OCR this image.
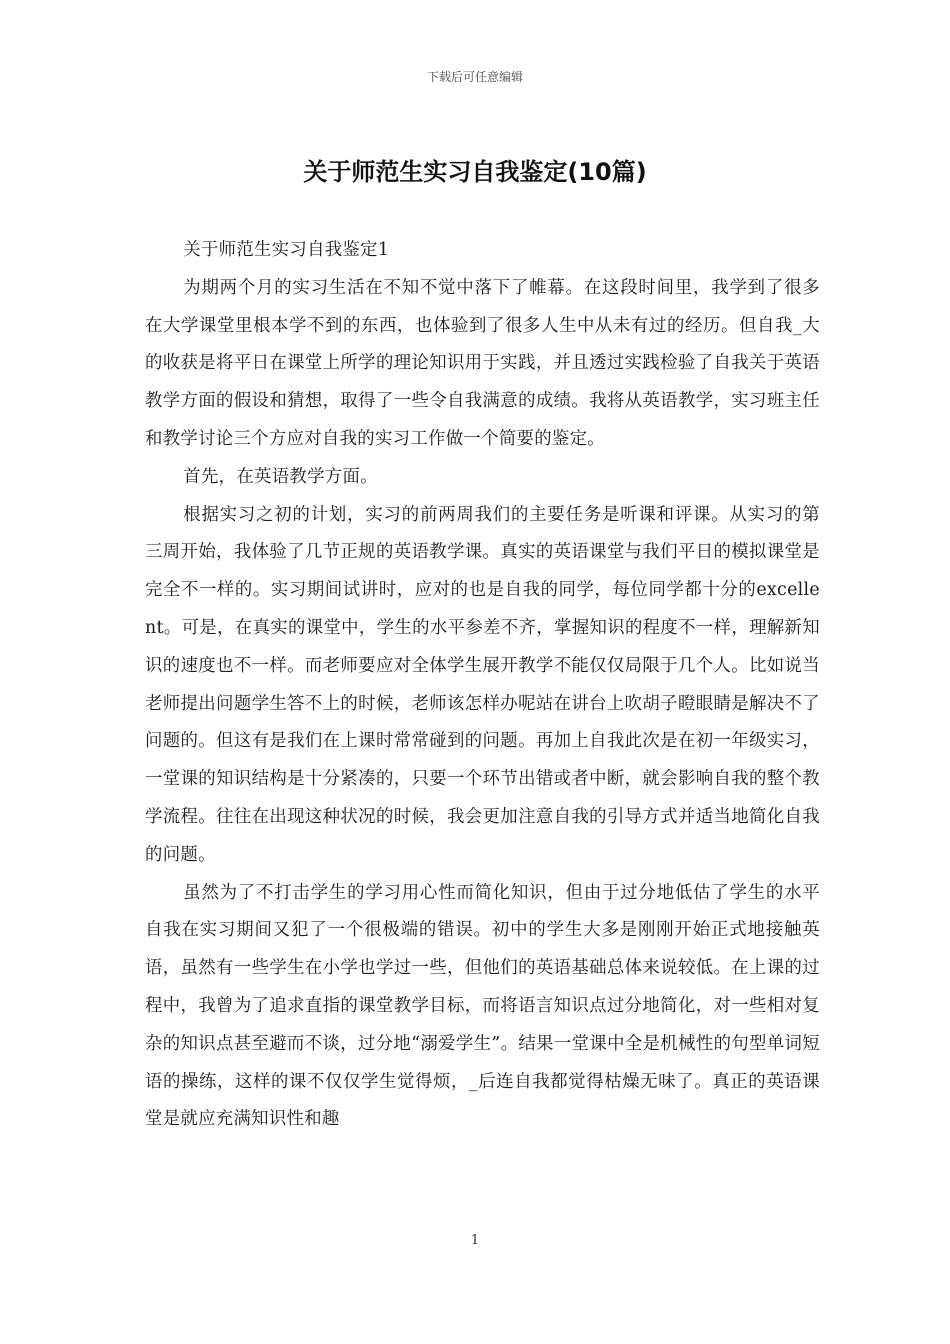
下载后可任意编辑
关于师范生实习自我鉴定(10篇)

关于师范生实习自我鉴定1

为期两个月的实习生活在不知不觉中落下了帷幕。在这段时间里，我学到了很多在大学课堂里根本学不到的东西，也体验到了很多人生中从未有过的经历。但自我_大的收获是将平日在课堂上所学的理论知识用于实践，并且透过实践检验了自我关于英语教学方面的假设和猜想，取得了一些令自我满意的成绩。我将从英语教学，实习班主任和教学讨论三个方应对自我的实习工作做一个简要的鉴定。

首先，在英语教学方面。

根据实习之初的计划，实习的前两周我们的主要任务是听课和评课。从实习的第三周开始，我体验了几节正规的英语教学课。真实的英语课堂与我们平日的模拟课堂是完全不一样的。实习期间试讲时，应对的也是自我的同学，每位同学都十分的excellent。可是，在真实的课堂中，学生的水平参差不齐，掌握知识的程度不一样，理解新知识的速度也不一样。而老师要应对全体学生展开教学不能仅仅局限于几个人。比如说当老师提出问题学生答不上的时候，老师该怎样办呢站在讲台上吹胡子瞪眼睛是解决不了问题的。但这有是我们在上课时常常碰到的问题。再加上自我此次是在初一年级实习，一堂课的知识结构是十分紧凑的，只要一个环节出错或者中断，就会影响自我的整个教学流程。往往在出现这种状况的时候，我会更加注意自我的引导方式并适当地简化自我的问题。

虽然为了不打击学生的学习用心性而简化知识，但由于过分地低估了学生的水平自我在实习期间又犯了一个很极端的错误。初中的学生大多是刚刚开始正式地接触英语，虽然有一些学生在小学也学过一些，但他们的英语基础总体来说较低。在上课的过程中，我曾为了追求直指的课堂教学目标，而将语言知识点过分地简化，对一些相对复杂的知识点甚至避而不谈，过分地“溺爱学生”。结果一堂课中全是机械性的句型单词短语的操练，这样的课不仅仅学生觉得烦，_后连自我都觉得枯燥无味了。真正的英语课堂是就应充满知识性和趣

1
